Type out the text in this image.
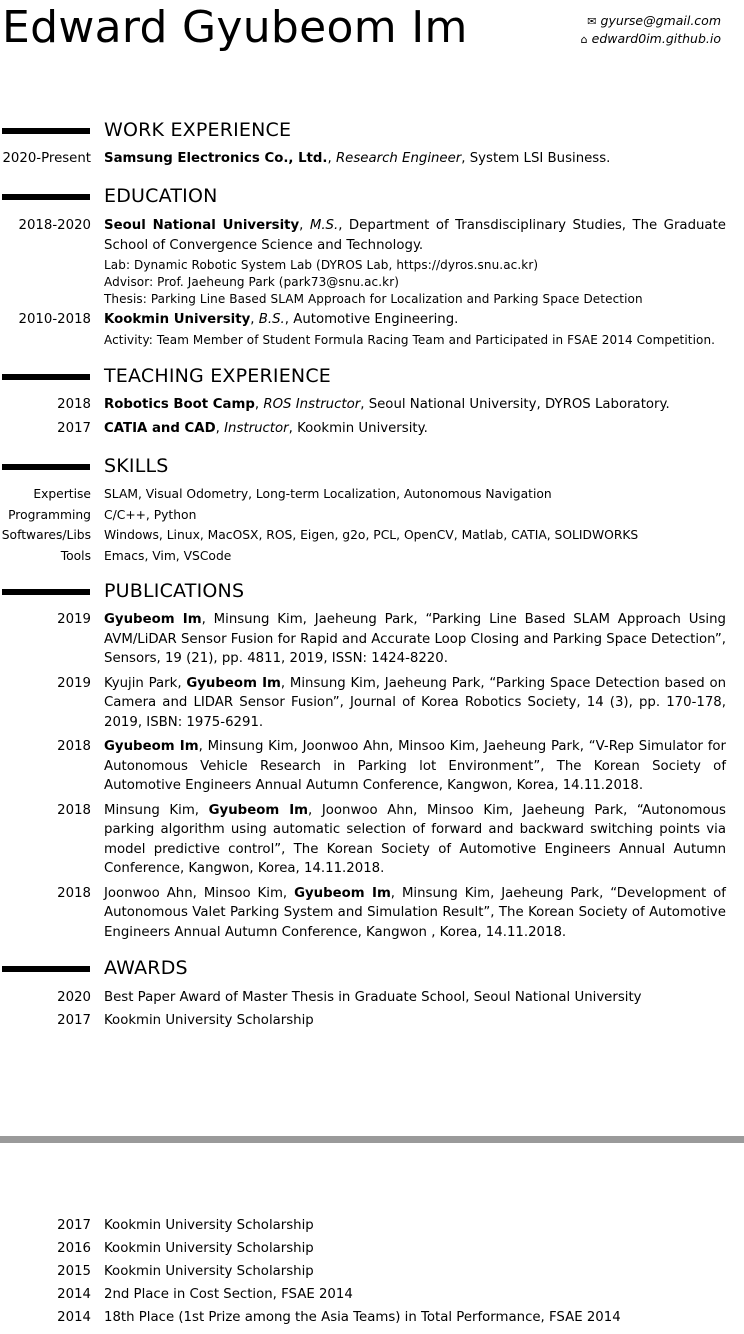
Edward Gyubeom Im	✉ gyurse@gmail.com
⌂ edward0im.github.io
WORK EXPERIENCE
2020-Present Samsung Electronics Co., Ltd., Research Engineer, System LSI Business.
EDUCATION
2018-2020 Seoul National University, M.S., Department of Transdisciplinary Studies, The Graduate School of Convergence Science and Technology.
Lab: Dynamic Robotic System Lab (DYROS Lab, https://dyros.snu.ac.kr)
Advisor: Prof. Jaeheung Park (park73@snu.ac.kr)
Thesis: Parking Line Based SLAM Approach for Localization and Parking Space Detection
2010-2018 Kookmin University, B.S., Automotive Engineering.
Activity: Team Member of Student Formula Racing Team and Participated in FSAE 2014 Competition.
TEACHING EXPERIENCE
2018 Robotics Boot Camp, ROS Instructor, Seoul National University, DYROS Laboratory.
2017 CATIA and CAD, Instructor, Kookmin University.
SKILLS
Expertise SLAM, Visual Odometry, Long-term Localization, Autonomous Navigation
Programming C/C++, Python
Softwares/Libs Windows, Linux, MacOSX, ROS, Eigen, g2o, PCL, OpenCV, Matlab, CATIA, SOLIDWORKS
Tools Emacs, Vim, VSCode
PUBLICATIONS
2019 Gyubeom Im, Minsung Kim, Jaeheung Park, “Parking Line Based SLAM Approach Using AVM/LiDAR Sensor Fusion for Rapid and Accurate Loop Closing and Parking Space Detection”, Sensors, 19 (21), pp. 4811, 2019, ISSN: 1424-8220.
2019 Kyujin Park, Gyubeom Im, Minsung Kim, Jaeheung Park, “Parking Space Detection based on Camera and LIDAR Sensor Fusion”, Journal of Korea Robotics Society, 14 (3), pp. 170-178, 2019, ISBN: 1975-6291.
2018 Gyubeom Im, Minsung Kim, Joonwoo Ahn, Minsoo Kim, Jaeheung Park, “V-Rep Simulator for Autonomous Vehicle Research in Parking lot Environment”, The Korean Society of Automotive Engineers Annual Autumn Conference, Kangwon, Korea, 14.11.2018.
2018 Minsung Kim, Gyubeom Im, Joonwoo Ahn, Minsoo Kim, Jaeheung Park, “Autonomous parking algorithm using automatic selection of forward and backward switching points via model predictive control”, The Korean Society of Automotive Engineers Annual Autumn Conference, Kangwon, Korea, 14.11.2018.
2018 Joonwoo Ahn, Minsoo Kim, Gyubeom Im, Minsung Kim, Jaeheung Park, “Development of Autonomous Valet Parking System and Simulation Result”, The Korean Society of Automotive Engineers Annual Autumn Conference, Kangwon , Korea, 14.11.2018.
AWARDS
2020 Best Paper Award of Master Thesis in Graduate School, Seoul National University
2017 Kookmin University Scholarship
2017 Kookmin University Scholarship
2016 Kookmin University Scholarship
2015 Kookmin University Scholarship
2014 2nd Place in Cost Section, FSAE 2014
2014 18th Place (1st Prize among the Asia Teams) in Total Performance, FSAE 2014
